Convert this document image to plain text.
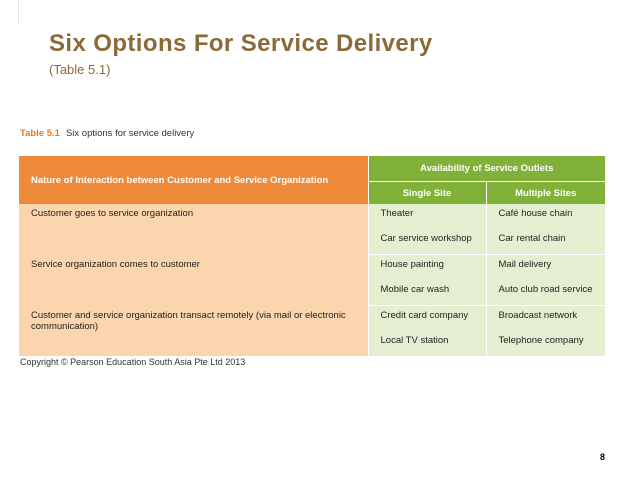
Six Options For Service Delivery
(Table 5.1)
Table 5.1 Six options for service delivery
Nature of Interaction between Customer and Service Organization	Availability of Service Outlets	
	Single Site	Multiple Sites
Customer goes to service organization	Theater	Café house chain
	Car service workshop	Car rental chain
Service organization comes to customer	House painting	Mail delivery
	Mobile car wash	Auto club road service
Customer and service organization transact remotely (via mail or electronic communication)	Credit card company	Broadcast network
	Local TV station	Telephone company
Copyright © Pearson Education South Asia Pte Ltd 2013
8
